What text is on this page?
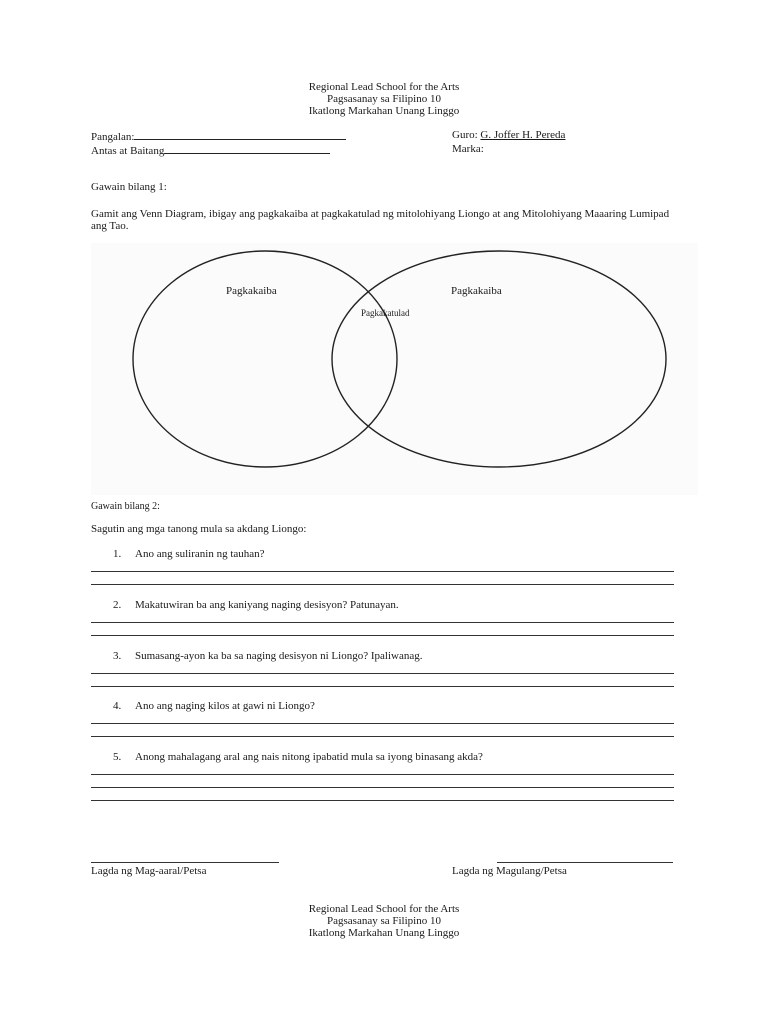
Regional Lead School for the Arts
Pagsasanay sa Filipino 10
Ikatlong Markahan Unang Linggo
Pangalan:
Antas at Baitang
Guro: G. Joffer H. Pereda
Marka:
Gawain bilang 1:
Gamit ang Venn Diagram, ibigay ang pagkakaiba at pagkakatulad ng mitolohiyang Liongo at ang Mitolohiyang Maaaring Lumipad ang Tao.
Pagkakaiba	Pagkakaiba
Pagkakatulad
Gawain bilang 2:
Sagutin ang mga tanong mula sa akdang Liongo:
1. Ano ang suliranin ng tauhan?
2. Makatuwiran ba ang kaniyang naging desisyon? Patunayan.
3. Sumasang-ayon ka ba sa naging desisyon ni Liongo? Ipaliwanag.
4. Ano ang naging kilos at gawi ni Liongo?
5. Anong mahalagang aral ang nais nitong ipabatid mula sa iyong binasang akda?
Lagda ng Mag-aaral/Petsa	Lagda ng Magulang/Petsa
Regional Lead School for the Arts
Pagsasanay sa Filipino 10
Ikatlong Markahan Unang Linggo
